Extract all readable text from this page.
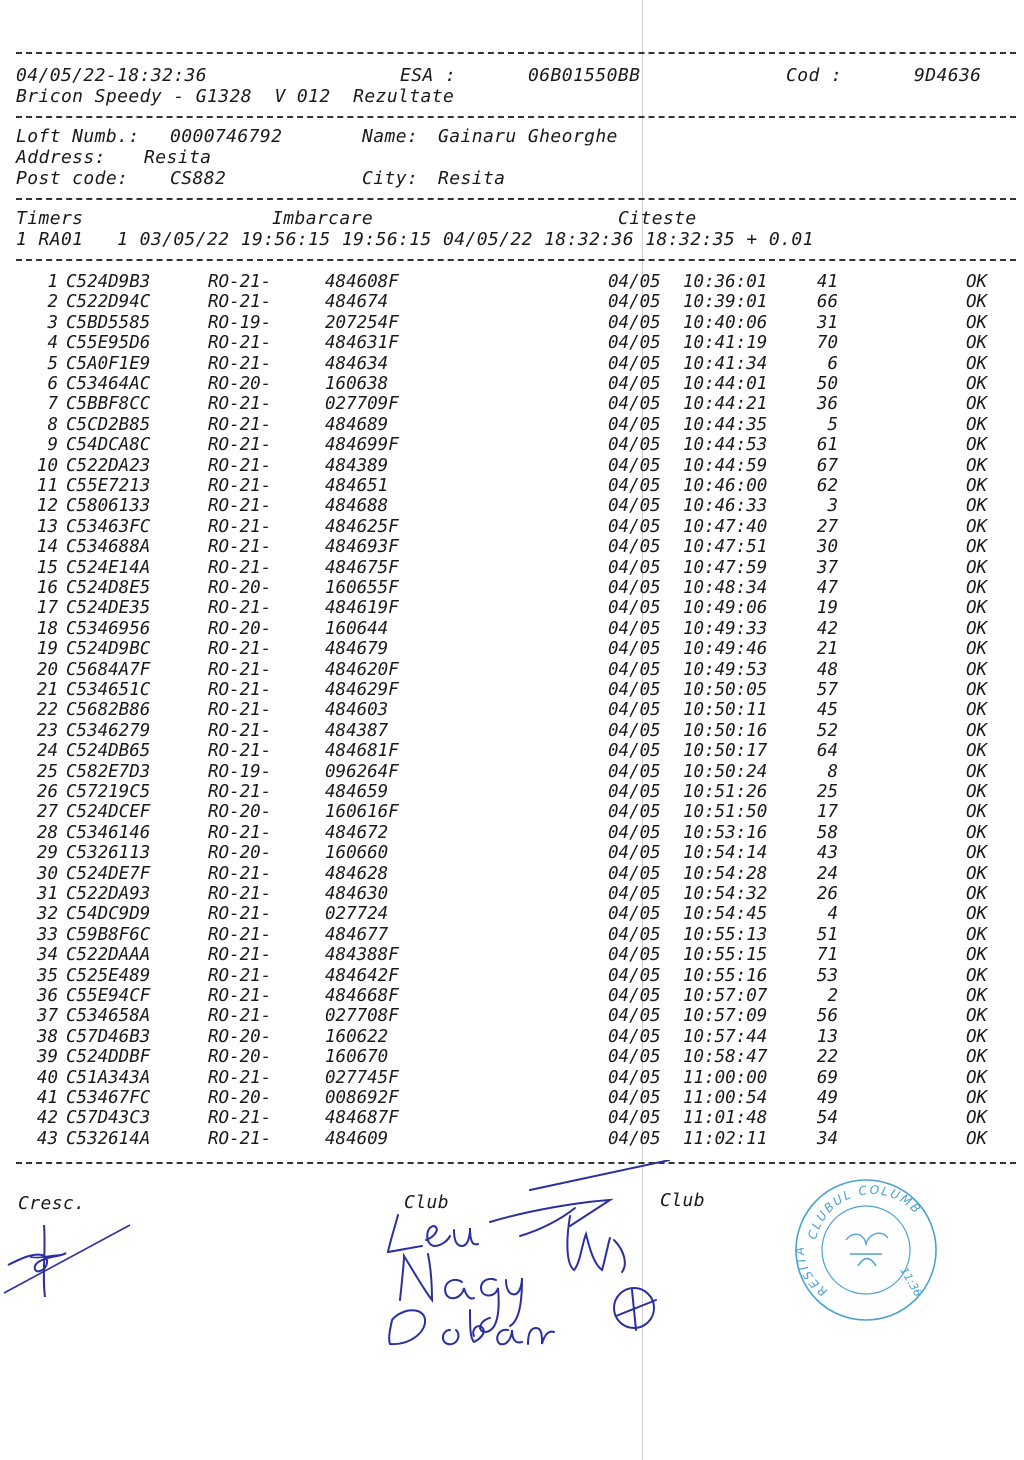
04/05/22-18:32:36	ESA :	06B01550BB	Cod :	9D4636
Bricon Speedy - G1328  V 012  Rezultate
Loft Numb.: 0000746792	Name: Gainaru Gheorghe
Address: Resita
Post code: CS882	City: Resita
Timers	Imbarcare	Citeste
1 RA01   1 03/05/22 19:56:15 19:56:15 04/05/22 18:32:36 18:32:35 + 0.01
1 C524D9B3	RO-21-	484608F	04/05 10:36:01	41	OK
2 C522D94C	RO-21-	484674	04/05 10:39:01	66	OK
3 C5BD5585	RO-19-	207254F	04/05 10:40:06	31	OK
4 C55E95D6	RO-21-	484631F	04/05 10:41:19	70	OK
5 C5A0F1E9	RO-21-	484634	04/05 10:41:34	6	OK
6 C53464AC	RO-20-	160638	04/05 10:44:01	50	OK
7 C5BBF8CC	RO-21-	027709F	04/05 10:44:21	36	OK
8 C5CD2B85	RO-21-	484689	04/05 10:44:35	5	OK
9 C54DCA8C	RO-21-	484699F	04/05 10:44:53	61	OK
10 C522DA23	RO-21-	484389	04/05 10:44:59	67	OK
11 C55E7213	RO-21-	484651	04/05 10:46:00	62	OK
12 C5806133	RO-21-	484688	04/05 10:46:33	3	OK
13 C53463FC	RO-21-	484625F	04/05 10:47:40	27	OK
14 C534688A	RO-21-	484693F	04/05 10:47:51	30	OK
15 C524E14A	RO-21-	484675F	04/05 10:47:59	37	OK
16 C524D8E5	RO-20-	160655F	04/05 10:48:34	47	OK
17 C524DE35	RO-21-	484619F	04/05 10:49:06	19	OK
18 C5346956	RO-20-	160644	04/05 10:49:33	42	OK
19 C524D9BC	RO-21-	484679	04/05 10:49:46	21	OK
20 C5684A7F	RO-21-	484620F	04/05 10:49:53	48	OK
21 C534651C	RO-21-	484629F	04/05 10:50:05	57	OK
22 C5682B86	RO-21-	484603	04/05 10:50:11	45	OK
23 C5346279	RO-21-	484387	04/05 10:50:16	52	OK
24 C524DB65	RO-21-	484681F	04/05 10:50:17	64	OK
25 C582E7D3	RO-19-	096264F	04/05 10:50:24	8	OK
26 C57219C5	RO-21-	484659	04/05 10:51:26	25	OK
27 C524DCEF	RO-20-	160616F	04/05 10:51:50	17	OK
28 C5346146	RO-21-	484672	04/05 10:53:16	58	OK
29 C5326113	RO-20-	160660	04/05 10:54:14	43	OK
30 C524DE7F	RO-21-	484628	04/05 10:54:28	24	OK
31 C522DA93	RO-21-	484630	04/05 10:54:32	26	OK
32 C54DC9D9	RO-21-	027724	04/05 10:54:45	4	OK
33 C59B8F6C	RO-21-	484677	04/05 10:55:13	51	OK
34 C522DAAA	RO-21-	484388F	04/05 10:55:15	71	OK
35 C525E489	RO-21-	484642F	04/05 10:55:16	53	OK
36 C55E94CF	RO-21-	484668F	04/05 10:57:07	2	OK
37 C534658A	RO-21-	027708F	04/05 10:57:09	56	OK
38 C57D46B3	RO-20-	160622	04/05 10:57:44	13	OK
39 C524DDBF	RO-20-	160670	04/05 10:58:47	22	OK
40 C51A343A	RO-21-	027745F	04/05 11:00:00	69	OK
41 C53467FC	RO-20-	008692F	04/05 11:00:54	49	OK
42 C57D43C3	RO-21-	484687F	04/05 11:01:48	54	OK
43 C532614A	RO-21-	484609	04/05 11:02:11	34	OK
Cresc.	Club	Club
CLUBUL COLUMB
RESITA
11:36
